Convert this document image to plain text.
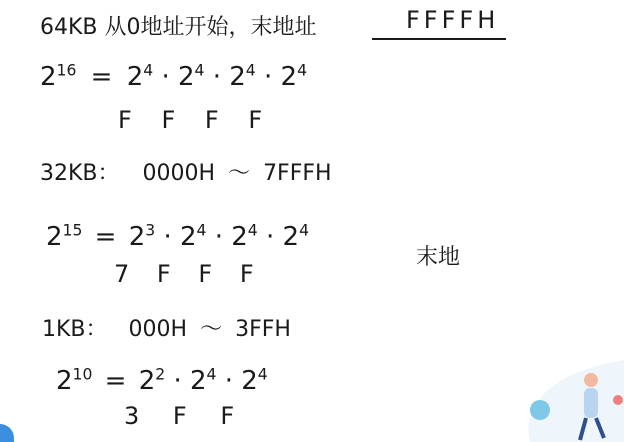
64KB 从0地址开始，末地址	FFFFH
$2^{16} = 2^4 \cdot 2^4 \cdot 2^4 \cdot 2^4$
F F F F
32KB： 0000H 〜 7FFFH
$2^{15} = 2^3 \cdot 2^4 \cdot 2^4 \cdot 2^4$
7 F F F
末地
1KB： 000H 〜 3FFH
$2^{10} = 2^2 \cdot 2^4 \cdot 2^4$
3 F F
